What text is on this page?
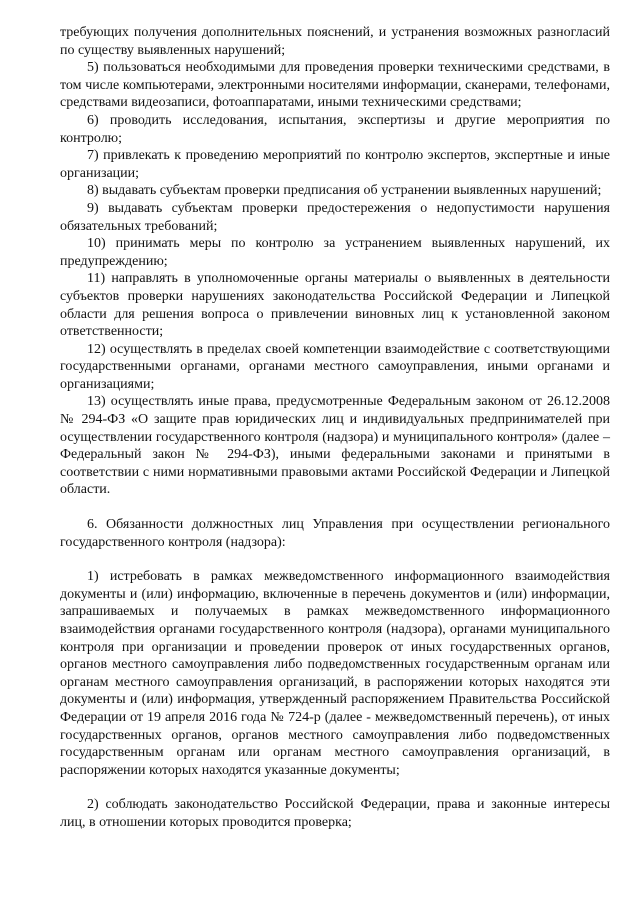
требующих получения дополнительных пояснений, и устранения возможных разногласий по существу выявленных нарушений;

5) пользоваться необходимыми для проведения проверки техническими средствами, в том числе компьютерами, электронными носителями информации, сканерами, телефонами, средствами видеозаписи, фотоаппаратами, иными техническими средствами;

6) проводить исследования, испытания, экспертизы и другие мероприятия по контролю;

7) привлекать к проведению мероприятий по контролю экспертов, экспертные и иные организации;

8) выдавать субъектам проверки предписания об устранении выявленных нарушений;

9) выдавать субъектам проверки предостережения о недопустимости нарушения обязательных требований;

10) принимать меры по контролю за устранением выявленных нарушений, их предупреждению;

11) направлять в уполномоченные органы материалы о выявленных в деятельности субъектов проверки нарушениях законодательства Российской Федерации и Липецкой области для решения вопроса о привлечении виновных лиц к установленной законом ответственности;

12) осуществлять в пределах своей компетенции взаимодействие с соответствующими государственными органами, органами местного самоуправления, иными органами и организациями;

13) осуществлять иные права, предусмотренные Федеральным законом от 26.12.2008 № 294-ФЗ «О защите прав юридических лиц и индивидуальных предпринимателей при осуществлении государственного контроля (надзора) и муниципального контроля» (далее – Федеральный закон № 294-ФЗ), иными федеральными законами и принятыми в соответствии с ними нормативными правовыми актами Российской Федерации и Липецкой области.

6. Обязанности должностных лиц Управления при осуществлении регионального государственного контроля (надзора):

1) истребовать в рамках межведомственного информационного взаимодействия документы и (или) информацию, включенные в перечень документов и (или) информации, запрашиваемых и получаемых в рамках межведомственного информационного взаимодействия органами государственного контроля (надзора), органами муниципального контроля при организации и проведении проверок от иных государственных органов, органов местного самоуправления либо подведомственных государственным органам или органам местного самоуправления организаций, в распоряжении которых находятся эти документы и (или) информация, утвержденный распоряжением Правительства Российской Федерации от 19 апреля 2016 года № 724-р (далее - межведомственный перечень), от иных государственных органов, органов местного самоуправления либо подведомственных государственным органам или органам местного самоуправления организаций, в распоряжении которых находятся указанные документы;

2) соблюдать законодательство Российской Федерации, права и законные интересы лиц, в отношении которых проводится проверка;
